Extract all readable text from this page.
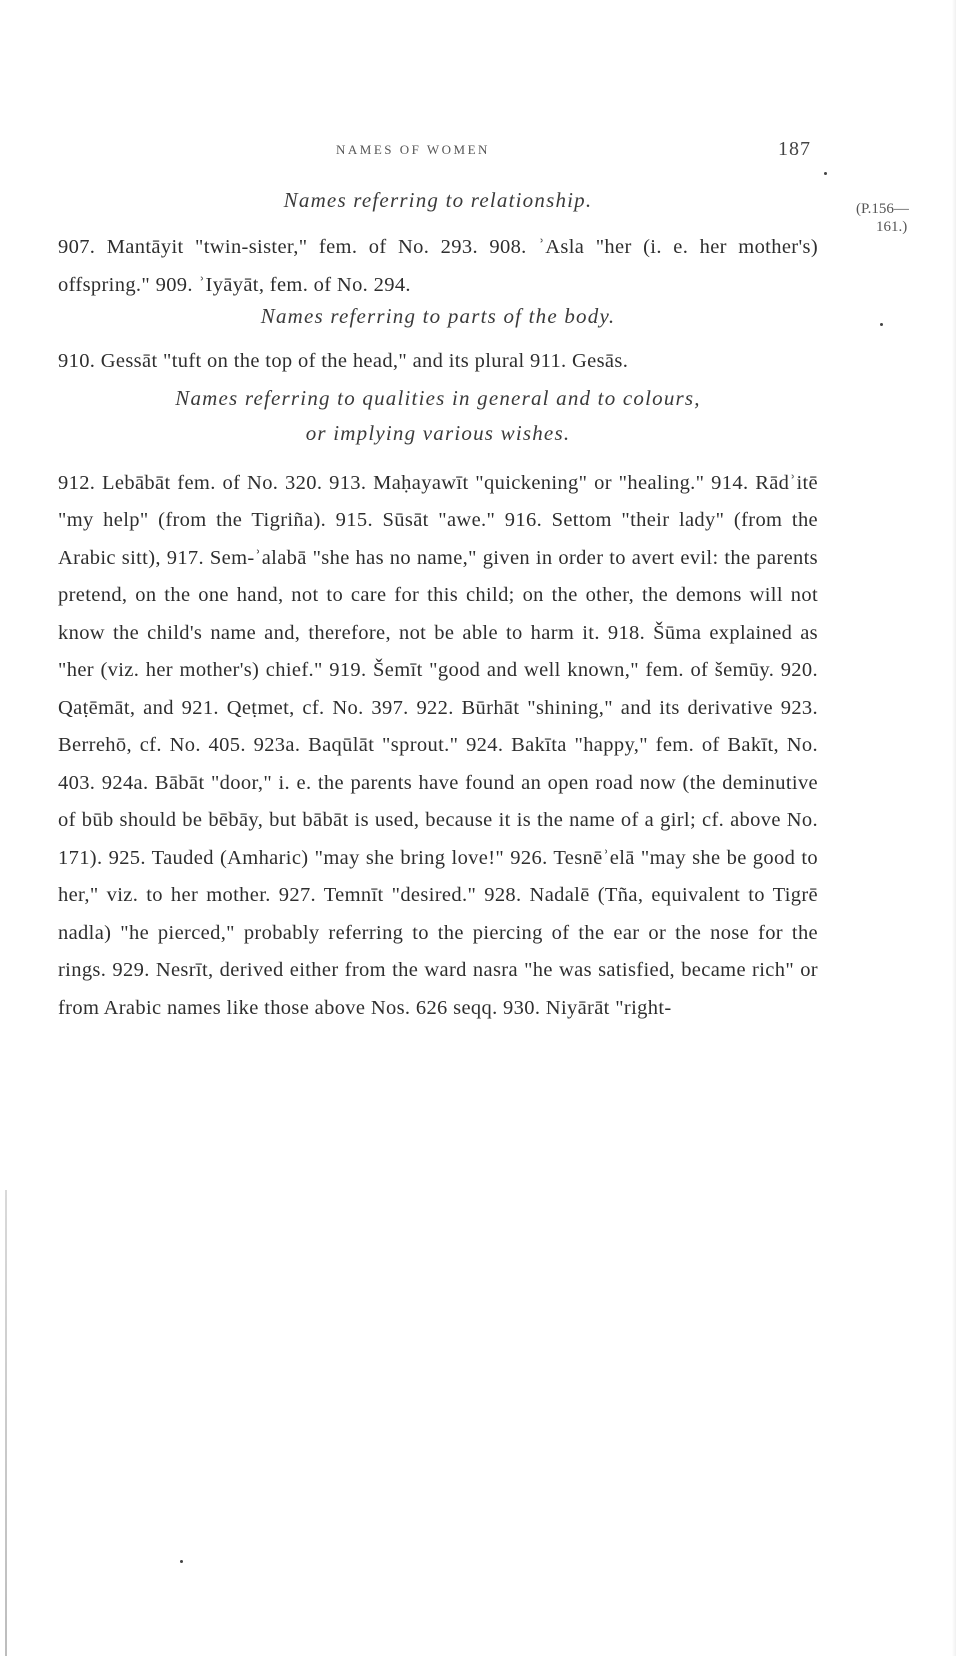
NAMES OF WOMEN	187
(P.156—
161.)
Names referring to relationship.

907. Mantāyit "twin-sister," fem. of No. 293. 908. ʾAsla "her (i. e. her mother's) offspring." 909. ʾIyāyāt, fem. of No. 294.

Names referring to parts of the body.

910. Gessāt "tuft on the top of the head," and its plural 911. Gesās.

Names referring to qualities in general and to colours,
or implying various wishes.

912. Lebābāt fem. of No. 320. 913. Maḥayawīt "quickening" or "healing." 914. Rādʾitē "my help" (from the Tigriña). 915. Sūsāt "awe." 916. Settom "their lady" (from the Arabic sitt), 917. Sem-ʾalabā "she has no name," given in order to avert evil: the parents pretend, on the one hand, not to care for this child; on the other, the demons will not know the child's name and, therefore, not be able to harm it. 918. Šūma explained as "her (viz. her mother's) chief." 919. Šemīt "good and well known," fem. of šemūy. 920. Qaṭēmāt, and 921. Qeṭmet, cf. No. 397. 922. Būrhāt "shining," and its derivative 923. Berrehō, cf. No. 405. 923a. Baqūlāt "sprout." 924. Bakīta "happy," fem. of Bakīt, No. 403. 924a. Bābāt "door," i. e. the parents have found an open road now (the deminutive of būb should be bēbāy, but bābāt is used, because it is the name of a girl; cf. above No. 171). 925. Tauded (Amharic) "may she bring love!" 926. Tesnēʾelā "may she be good to her," viz. to her mother. 927. Temnīt "desired." 928. Nadalē (Tña, equivalent to Tigrē nadla) "he pierced," probably referring to the piercing of the ear or the nose for the rings. 929. Nesrīt, derived either from the ward nasra "he was satisfied, became rich" or from Arabic names like those above Nos. 626 seqq. 930. Niyārāt "right-
